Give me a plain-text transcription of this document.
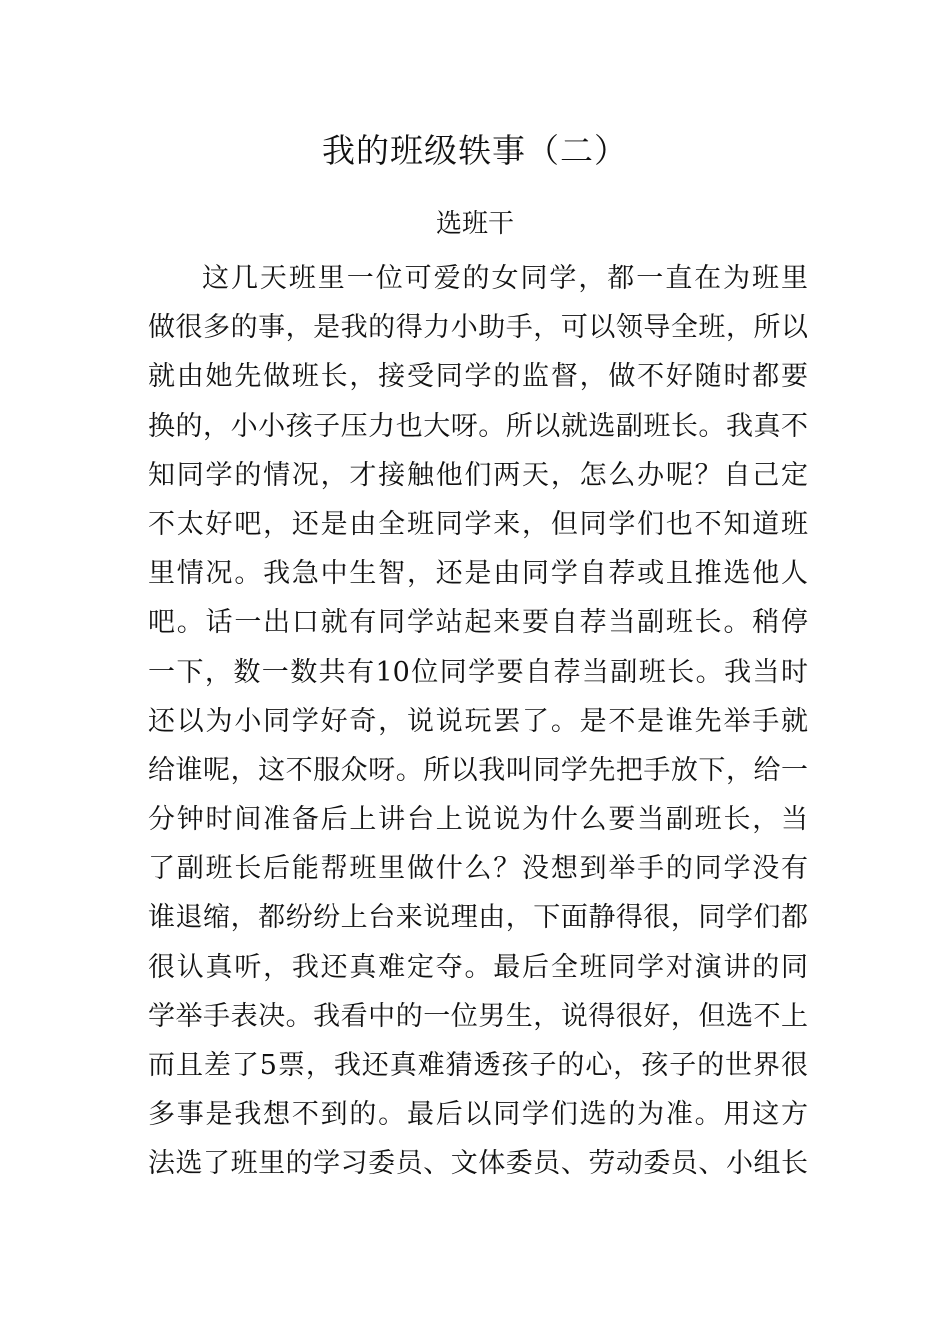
我的班级轶事（二）
选班干
这几天班里一位可爱的女同学，都一直在为班里
做很多的事，是我的得力小助手，可以领导全班，所以
就由她先做班长，接受同学的监督，做不好随时都要
换的，小小孩子压力也大呀。所以就选副班长。我真不
知同学的情况，才接触他们两天，怎么办呢？自己定
不太好吧，还是由全班同学来，但同学们也不知道班
里情况。我急中生智，还是由同学自荐或且推选他人
吧。话一出口就有同学站起来要自荐当副班长。稍停
一下，数一数共有10位同学要自荐当副班长。我当时
还以为小同学好奇，说说玩罢了。是不是谁先举手就
给谁呢，这不服众呀。所以我叫同学先把手放下，给一
分钟时间准备后上讲台上说说为什么要当副班长，当
了副班长后能帮班里做什么？没想到举手的同学没有
谁退缩，都纷纷上台来说理由，下面静得很，同学们都
很认真听，我还真难定夺。最后全班同学对演讲的同
学举手表决。我看中的一位男生，说得很好，但选不上
而且差了5票，我还真难猜透孩子的心，孩子的世界很
多事是我想不到的。最后以同学们选的为准。用这方
法选了班里的学习委员、文体委员、劳动委员、小组长
